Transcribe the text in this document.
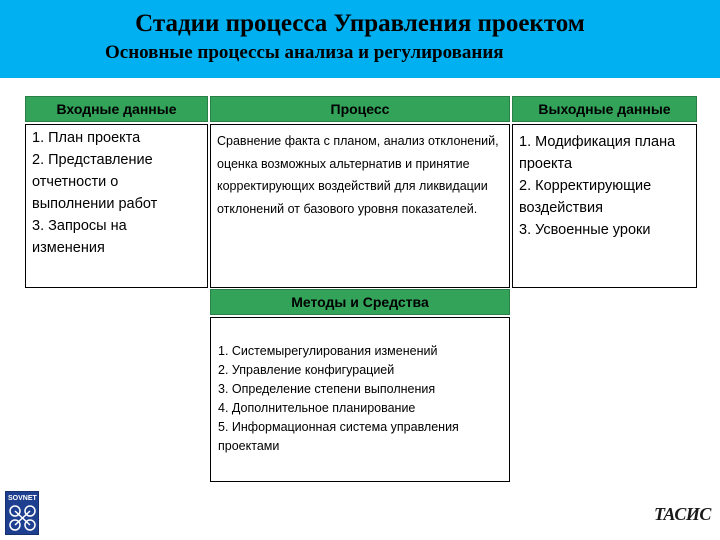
Стадии процесса Управления проектом
Основные процессы анализа и регулирования
Входные данные
1. План проекта
2. Представление отчетности о выполнении работ
3. Запросы на изменения
Процесс

Сравнение факта с планом, анализ отклонений, оценка возможных альтернатив и принятие корректирующих воздействий для ликвидации отклонений от базового уровня показателей.

Выходные данные
1. Модификация плана проекта
2. Корректирующие воздействия
3. Усвоенные уроки
Методы и Средства
1. Системырегулирования изменений
2. Управление конфигурацией
3. Определение степени выполнения
4. Дополнительное планирование
5. Информационная система управления проектами
SOVNET
ТАСИС
